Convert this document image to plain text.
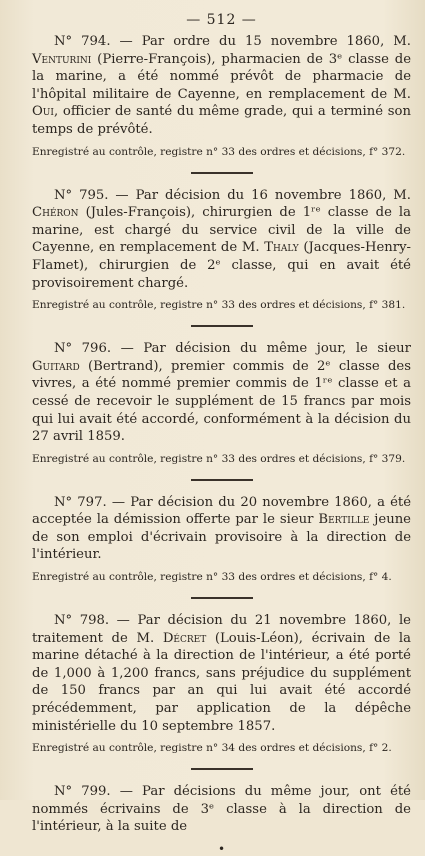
— 512 —

N° 794. — Par ordre du 15 novembre 1860, M. Venturini (Pierre-François), pharmacien de 3ᵉ classe de la marine, a été nommé prévôt de pharmacie de l'hôpital militaire de Cayenne, en remplacement de M. Oui, officier de santé du même grade, qui a terminé son temps de prévôté.

Enregistré au contrôle, registre n° 33 des ordres et décisions, f° 372.

N° 795. — Par décision du 16 novembre 1860, M. Chéron (Jules-François), chirurgien de 1ʳᵉ classe de la marine, est chargé du service civil de la ville de Cayenne, en remplacement de M. Thaly (Jacques-Henry-Flamet), chirurgien de 2ᵉ classe, qui en avait été provisoirement chargé.

Enregistré au contrôle, registre n° 33 des ordres et décisions, f° 381.

N° 796. — Par décision du même jour, le sieur Guitard (Bertrand), premier commis de 2ᵉ classe des vivres, a été nommé premier commis de 1ʳᵉ classe et a cessé de recevoir le supplément de 15 francs par mois qui lui avait été accordé, conformément à la décision du 27 avril 1859.

Enregistré au contrôle, registre n° 33 des ordres et décisions, f° 379.

N° 797. — Par décision du 20 novembre 1860, a été acceptée la démission offerte par le sieur Bertille jeune de son emploi d'écrivain provisoire à la direction de l'intérieur.

Enregistré au contrôle, registre n° 33 des ordres et décisions, f° 4.

N° 798. — Par décision du 21 novembre 1860, le traitement de M. Décret (Louis-Léon), écrivain de la marine détaché à la direction de l'intérieur, a été porté de 1,000 à 1,200 francs, sans préjudice du supplément de 150 francs par an qui lui avait été accordé précédemment, par application de la dépêche ministérielle du 10 septembre 1857.

Enregistré au contrôle, registre n° 34 des ordres et décisions, f° 2.

N° 799. — Par décisions du même jour, ont été nommés écrivains de 3ᵉ classe à la direction de l'intérieur, à la suite de

•
